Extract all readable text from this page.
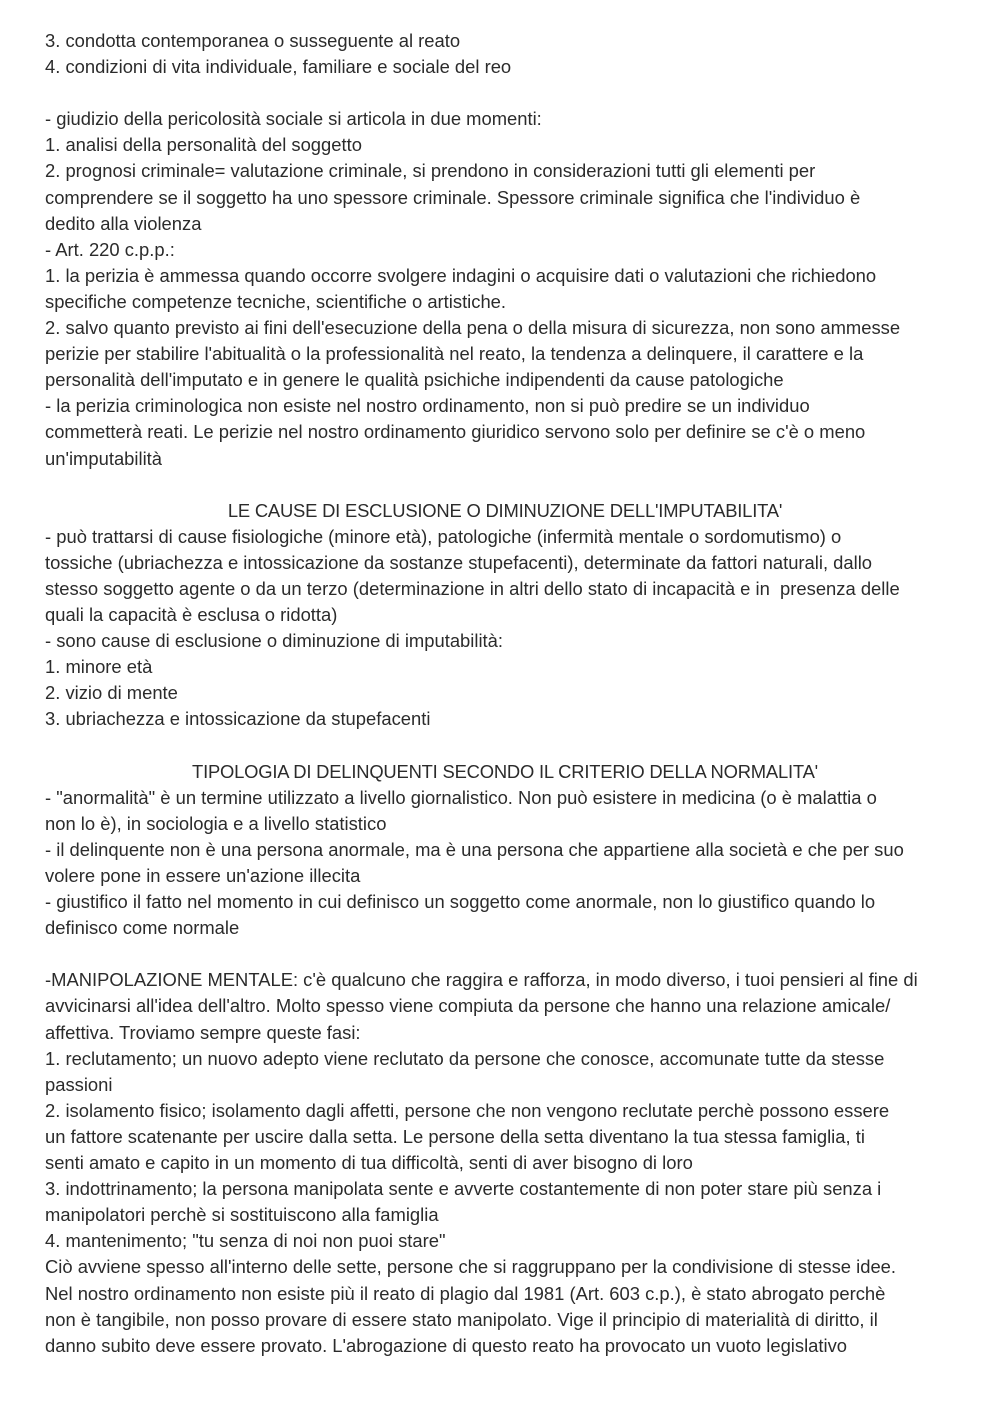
3. condotta contemporanea o susseguente al reato
4. condizioni di vita individuale, familiare e sociale del reo
- giudizio della pericolosità sociale si articola in due momenti:
1. analisi della personalità del soggetto
2. prognosi criminale= valutazione criminale, si prendono in considerazioni tutti gli elementi per
comprendere se il soggetto ha uno spessore criminale. Spessore criminale significa che l'individuo è
dedito alla violenza
- Art. 220 c.p.p.:
1. la perizia è ammessa quando occorre svolgere indagini o acquisire dati o valutazioni che richiedono
specifiche competenze tecniche, scientifiche o artistiche.
2. salvo quanto previsto ai fini dell'esecuzione della pena o della misura di sicurezza, non sono ammesse
perizie per stabilire l'abitualità o la professionalità nel reato, la tendenza a delinquere, il carattere e la
personalità dell'imputato e in genere le qualità psichiche indipendenti da cause patologiche
- la perizia criminologica non esiste nel nostro ordinamento, non si può predire se un individuo
commetterà reati. Le perizie nel nostro ordinamento giuridico servono solo per definire se c'è o meno
un'imputabilità
LE CAUSE DI ESCLUSIONE O DIMINUZIONE DELL'IMPUTABILITA'
- può trattarsi di cause fisiologiche (minore età), patologiche (infermità mentale o sordomutismo) o
tossiche (ubriachezza e intossicazione da sostanze stupefacenti), determinate da fattori naturali, dallo
stesso soggetto agente o da un terzo (determinazione in altri dello stato di incapacità e in  presenza delle
quali la capacità è esclusa o ridotta)
- sono cause di esclusione o diminuzione di imputabilità:
1. minore età
2. vizio di mente
3. ubriachezza e intossicazione da stupefacenti
TIPOLOGIA DI DELINQUENTI SECONDO IL CRITERIO DELLA NORMALITA'
- "anormalità" è un termine utilizzato a livello giornalistico. Non può esistere in medicina (o è malattia o
non lo è), in sociologia e a livello statistico
- il delinquente non è una persona anormale, ma è una persona che appartiene alla società e che per suo
volere pone in essere un'azione illecita
- giustifico il fatto nel momento in cui definisco un soggetto come anormale, non lo giustifico quando lo
definisco come normale
-MANIPOLAZIONE MENTALE: c'è qualcuno che raggira e rafforza, in modo diverso, i tuoi pensieri al fine di
avvicinarsi all'idea dell'altro. Molto spesso viene compiuta da persone che hanno una relazione amicale/
affettiva. Troviamo sempre queste fasi:
1. reclutamento; un nuovo adepto viene reclutato da persone che conosce, accomunate tutte da stesse
passioni
2. isolamento fisico; isolamento dagli affetti, persone che non vengono reclutate perchè possono essere
un fattore scatenante per uscire dalla setta. Le persone della setta diventano la tua stessa famiglia, ti
senti amato e capito in un momento di tua difficoltà, senti di aver bisogno di loro
3. indottrinamento; la persona manipolata sente e avverte costantemente di non poter stare più senza i
manipolatori perchè si sostituiscono alla famiglia
4. mantenimento; "tu senza di noi non puoi stare"
Ciò avviene spesso all'interno delle sette, persone che si raggruppano per la condivisione di stesse idee.
Nel nostro ordinamento non esiste più il reato di plagio dal 1981 (Art. 603 c.p.), è stato abrogato perchè
non è tangibile, non posso provare di essere stato manipolato. Vige il principio di materialità di diritto, il
danno subito deve essere provato. L'abrogazione di questo reato ha provocato un vuoto legislativo
